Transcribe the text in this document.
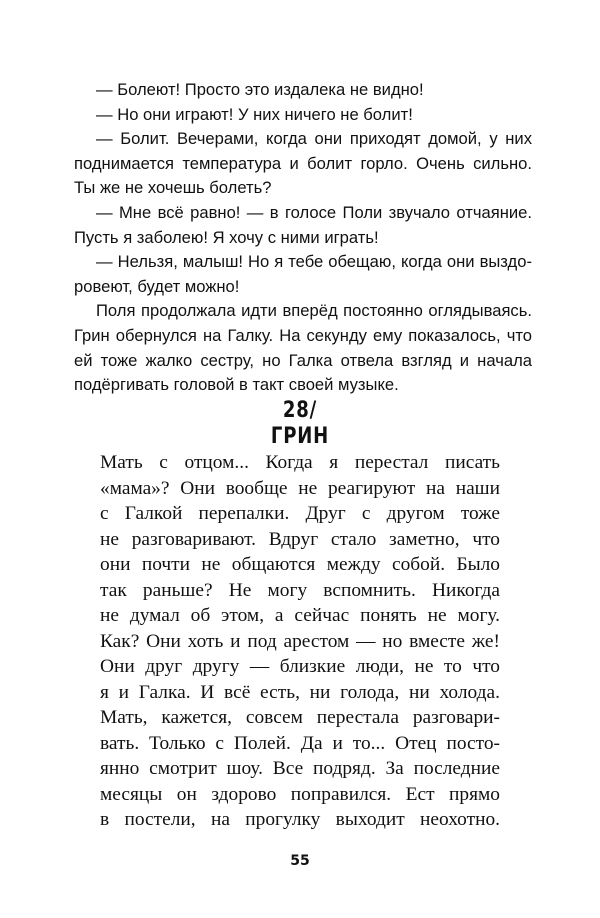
— Болеют! Просто это издалека не видно!
— Но они играют! У них ничего не болит!
— Болит. Вечерами, когда они приходят домой, у них
поднимается температура и болит горло. Очень сильно.
Ты же не хочешь болеть?
— Мне всё равно! — в голосе Поли звучало отчаяние.
Пусть я заболею! Я хочу с ними играть!
— Нельзя, малыш! Но я тебе обещаю, когда они выздо-
ровеют, будет можно!
Поля продолжала идти вперёд постоянно оглядываясь.
Грин обернулся на Галку. На секунду ему показалось, что
ей тоже жалко сестру, но Галка отвела взгляд и начала
подёргивать головой в такт своей музыке.
28/
ГРИН
Мать с отцом... Когда я перестал писать
«мама»? Они вообще не реагируют на наши
с Галкой перепалки. Друг с другом тоже
не разговаривают. Вдруг стало заметно, что
они почти не общаются между собой. Было
так раньше? Не могу вспомнить. Никогда
не думал об этом, а сейчас понять не могу.
Как? Они хоть и под арестом — но вместе же!
Они друг другу — близкие люди, не то что
я и Галка. И всё есть, ни голода, ни холода.
Мать, кажется, совсем перестала разговари-
вать. Только с Полей. Да и то... Отец посто-
янно смотрит шоу. Все подряд. За последние
месяцы он здорово поправился. Ест прямо
в постели, на прогулку выходит неохотно.
55
